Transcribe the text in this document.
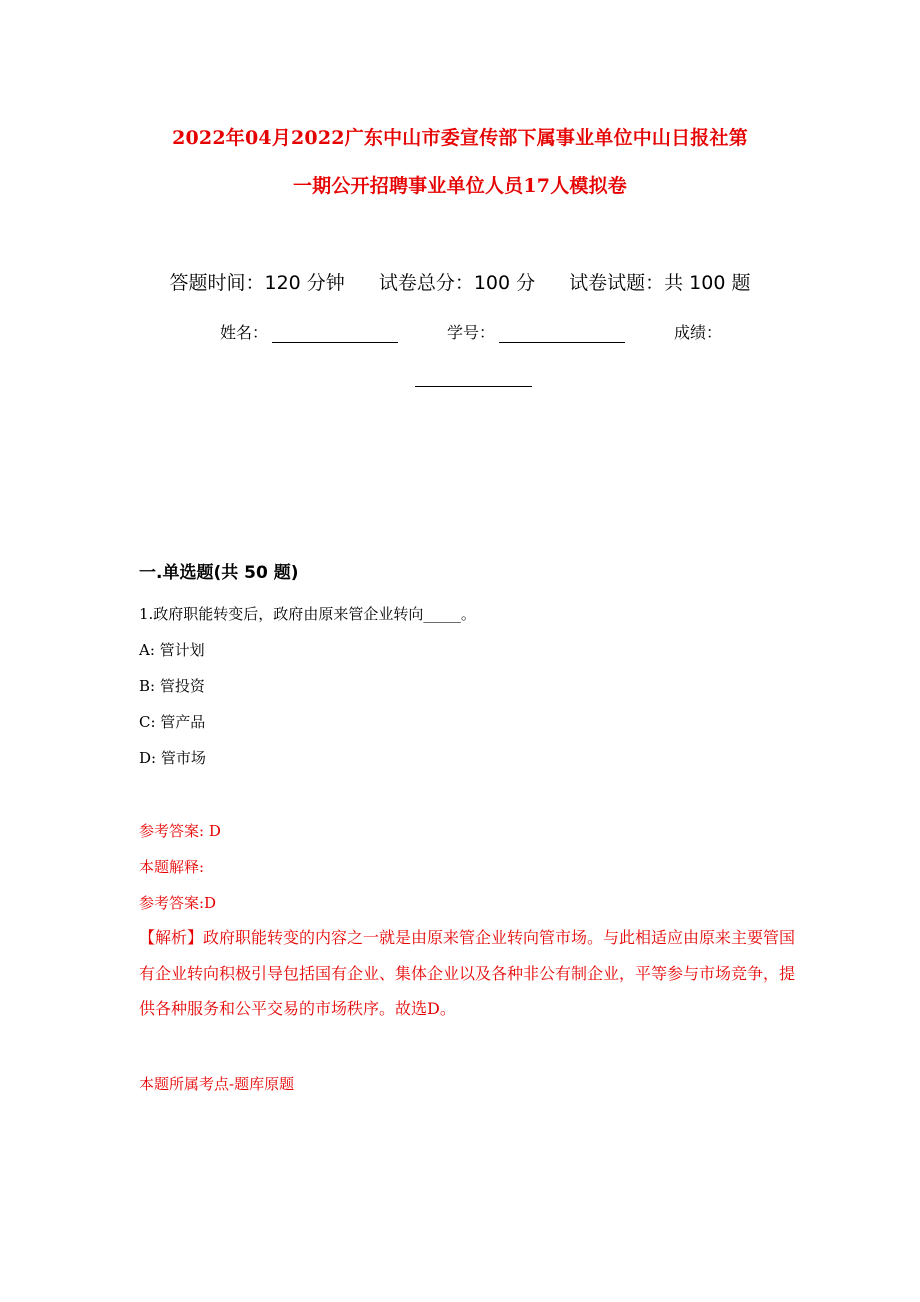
2022年04月2022广东中山市委宣传部下属事业单位中山日报社第
一期公开招聘事业单位人员17人模拟卷
答题时间：120 分钟 试卷总分：100 分 试卷试题：共 100 题
姓名：	学号：	成绩：
一.单选题(共 50 题)
1.政府职能转变后，政府由原来管企业转向_____。
A: 管计划
B: 管投资
C: 管产品
D: 管市场
参考答案: D
本题解释:
参考答案:D
【解析】政府职能转变的内容之一就是由原来管企业转向管市场。与此相适应由原来主要管国有企业转向积极引导包括国有企业、集体企业以及各种非公有制企业，平等参与市场竞争，提供各种服务和公平交易的市场秩序。故选D。
本题所属考点-题库原题
